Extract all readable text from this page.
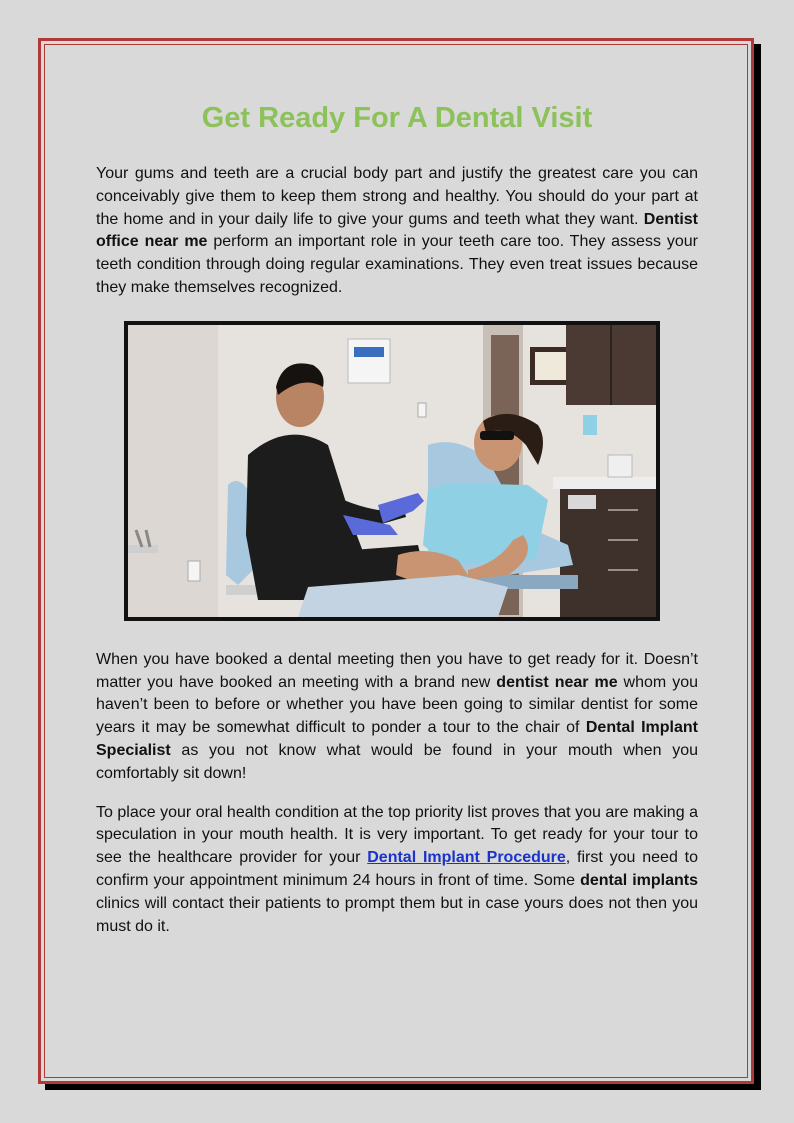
Get Ready For A Dental Visit

Your gums and teeth are a crucial body part and justify the greatest care you can conceivably give them to keep them strong and healthy. You should do your part at the home and in your daily life to give your gums and teeth what they want. Dentist office near me perform an important role in your teeth care too. They assess your teeth condition through doing regular examinations. They even treat issues because they make themselves recognized.

When you have booked a dental meeting then you have to get ready for it. Doesn’t matter you have booked an meeting with a brand new dentist near me whom you haven’t been to before or whether you have been going to similar dentist for some years it may be somewhat difficult to ponder a tour to the chair of Dental Implant Specialist as you not know what would be found in your mouth when you comfortably sit down!

To place your oral health condition at the top priority list proves that you are making a speculation in your mouth health. It is very important. To get ready for your tour to see the healthcare provider for your Dental Implant Procedure, first you need to confirm your appointment minimum 24 hours in front of time. Some dental implants clinics will contact their patients to prompt them but in case yours does not then you must do it.
